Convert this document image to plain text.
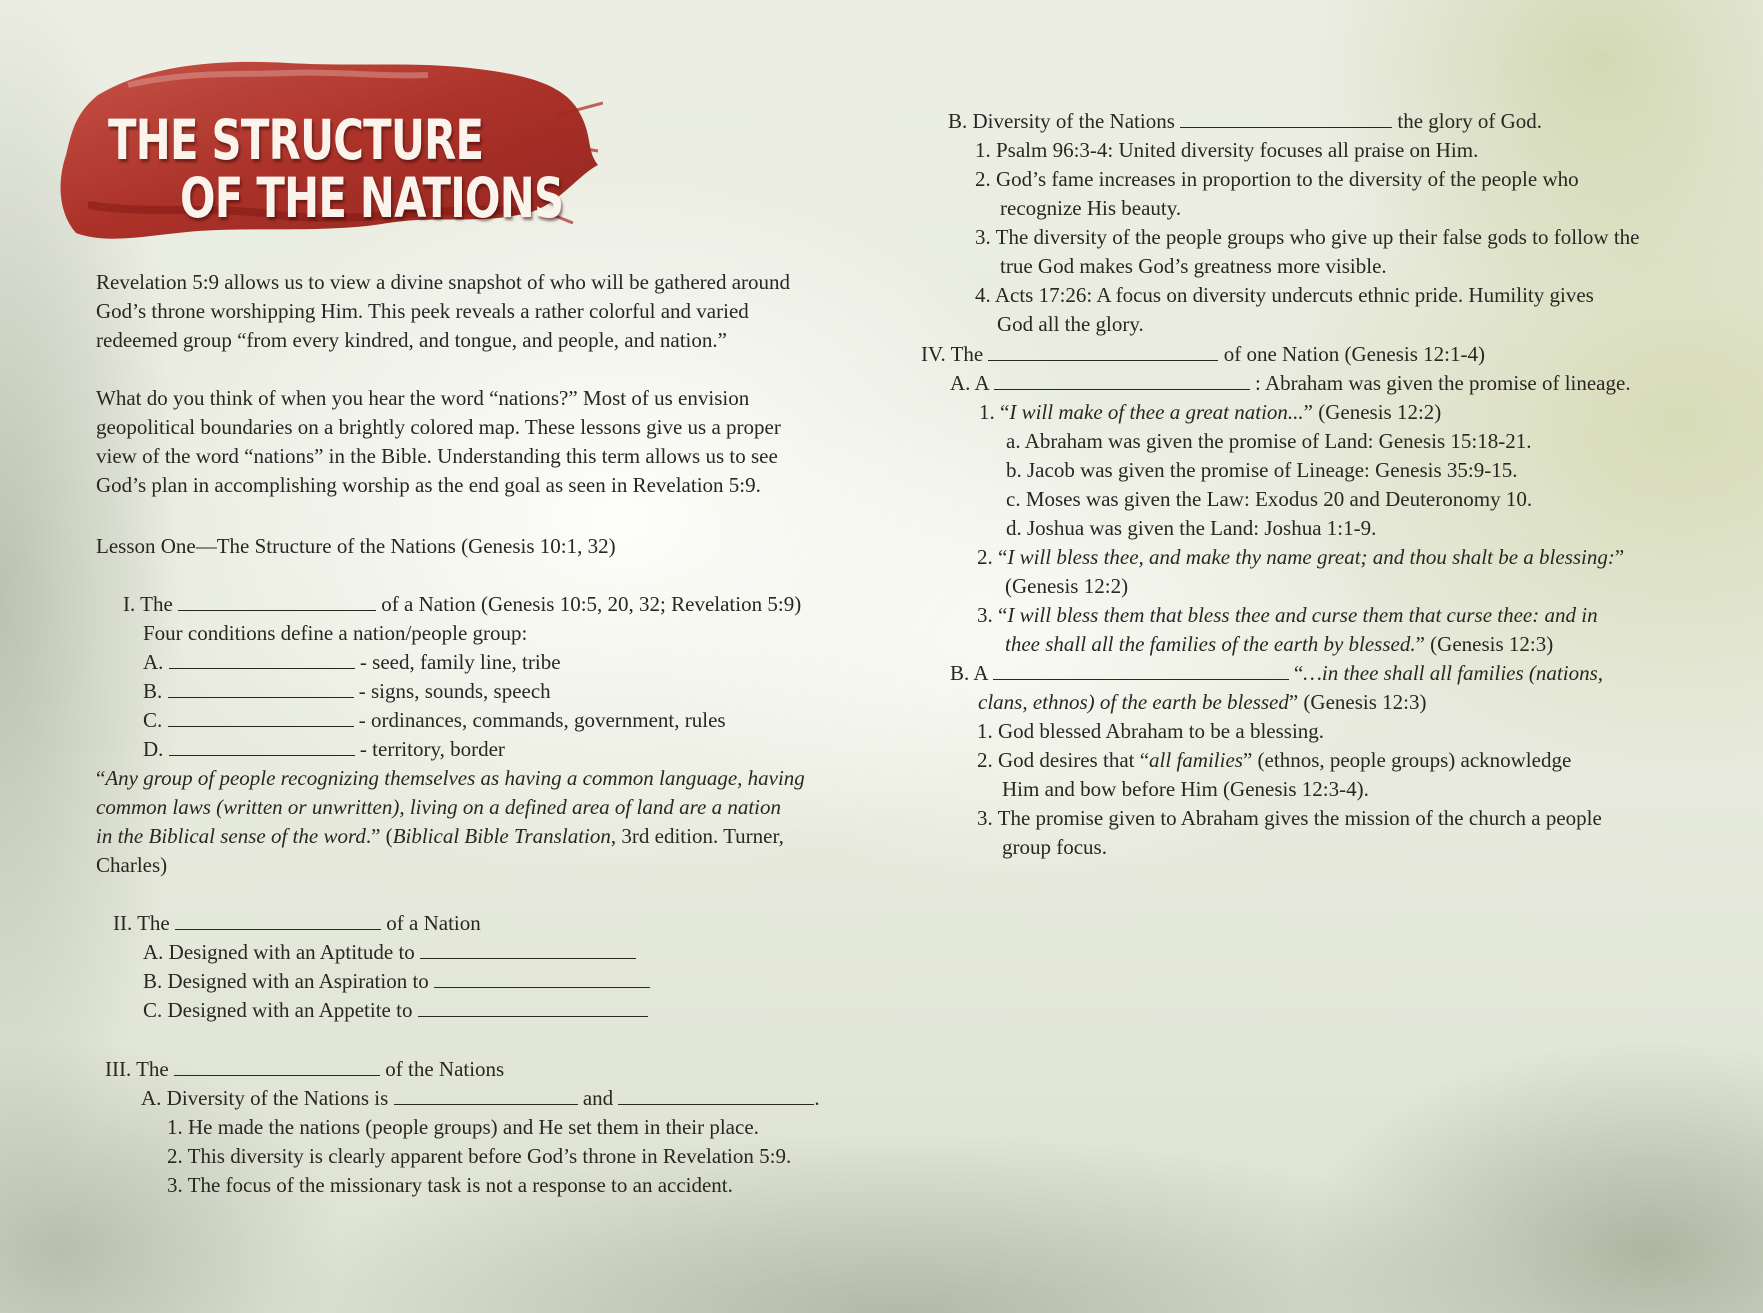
THE STRUCTURE
OF THE NATIONS
Revelation 5:9 allows us to view a divine snapshot of who will be gathered around
God’s throne worshipping Him. This peek reveals a rather colorful and varied
redeemed group “from every kindred, and tongue, and people, and nation.”
What do you think of when you hear the word “nations?” Most of us envision
geopolitical boundaries on a brightly colored map. These lessons give us a proper
view of the word “nations” in the Bible. Understanding this term allows us to see
God’s plan in accomplishing worship as the end goal as seen in Revelation 5:9.
Lesson One—The Structure of the Nations (Genesis 10:1, 32)
I. The	of a Nation (Genesis 10:5, 20, 32; Revelation 5:9)
Four conditions define a nation/people group:
A.	- seed, family line, tribe
B.	- signs, sounds, speech
C.	- ordinances, commands, government, rules
D.	- territory, border
“Any group of people recognizing themselves as having a common language, having
common laws (written or unwritten), living on a defined area of land are a nation
in the Biblical sense of the word.” (Biblical Bible Translation, 3rd edition. Turner,
Charles)
II. The	of a Nation
A. Designed with an Aptitude to
B. Designed with an Aspiration to
C. Designed with an Appetite to
III. The	of the Nations
A. Diversity of the Nations is	and	.
1. He made the nations (people groups) and He set them in their place.
2. This diversity is clearly apparent before God’s throne in Revelation 5:9.
3. The focus of the missionary task is not a response to an accident.
B. Diversity of the Nations	the glory of God.
1. Psalm 96:3-4: United diversity focuses all praise on Him.
2. God’s fame increases in proportion to the diversity of the people who
recognize His beauty.
3. The diversity of the people groups who give up their false gods to follow the
true God makes God’s greatness more visible.
4. Acts 17:26: A focus on diversity undercuts ethnic pride. Humility gives
God all the glory.
IV. The	of one Nation (Genesis 12:1-4)
A. A	: Abraham was given the promise of lineage.
1. “I will make of thee a great nation...” (Genesis 12:2)
a. Abraham was given the promise of Land: Genesis 15:18-21.
b. Jacob was given the promise of Lineage: Genesis 35:9-15.
c. Moses was given the Law: Exodus 20 and Deuteronomy 10.
d. Joshua was given the Land: Joshua 1:1-9.
2. “I will bless thee, and make thy name great; and thou shalt be a blessing:”
(Genesis 12:2)
3. “I will bless them that bless thee and curse them that curse thee: and in
thee shall all the families of the earth by blessed.” (Genesis 12:3)
B. A	“…in thee shall all families (nations,
clans, ethnos) of the earth be blessed” (Genesis 12:3)
1. God blessed Abraham to be a blessing.
2. God desires that “all families” (ethnos, people groups) acknowledge
Him and bow before Him (Genesis 12:3-4).
3. The promise given to Abraham gives the mission of the church a people
group focus.
